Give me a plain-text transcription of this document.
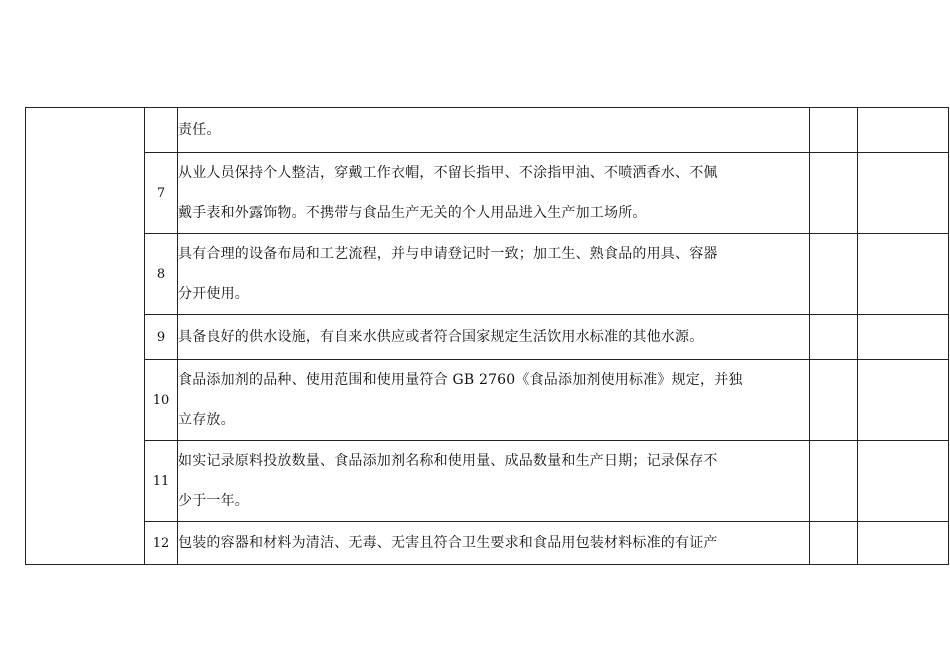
		责任。		

	7	从业人员保持个人整洁，穿戴工作衣帽，不留长指甲、不涂指甲油、不喷洒香水、不佩
戴手表和外露饰物。不携带与食品生产无关的个人用品进入生产加工场所。		

	8	具有合理的设备布局和工艺流程，并与申请登记时一致；加工生、熟食品的用具、容器
分开使用。		

	9	具备良好的供水设施，有自来水供应或者符合国家规定生活饮用水标准的其他水源。		

	10	食品添加剂的品种、使用范围和使用量符合 GB 2760《食品添加剂使用标准》规定，并独
立存放。		

	11	如实记录原料投放数量、食品添加剂名称和使用量、成品数量和生产日期；记录保存不
少于一年。		

	12	包装的容器和材料为清洁、无毒、无害且符合卫生要求和食品用包装材料标准的有证产		
